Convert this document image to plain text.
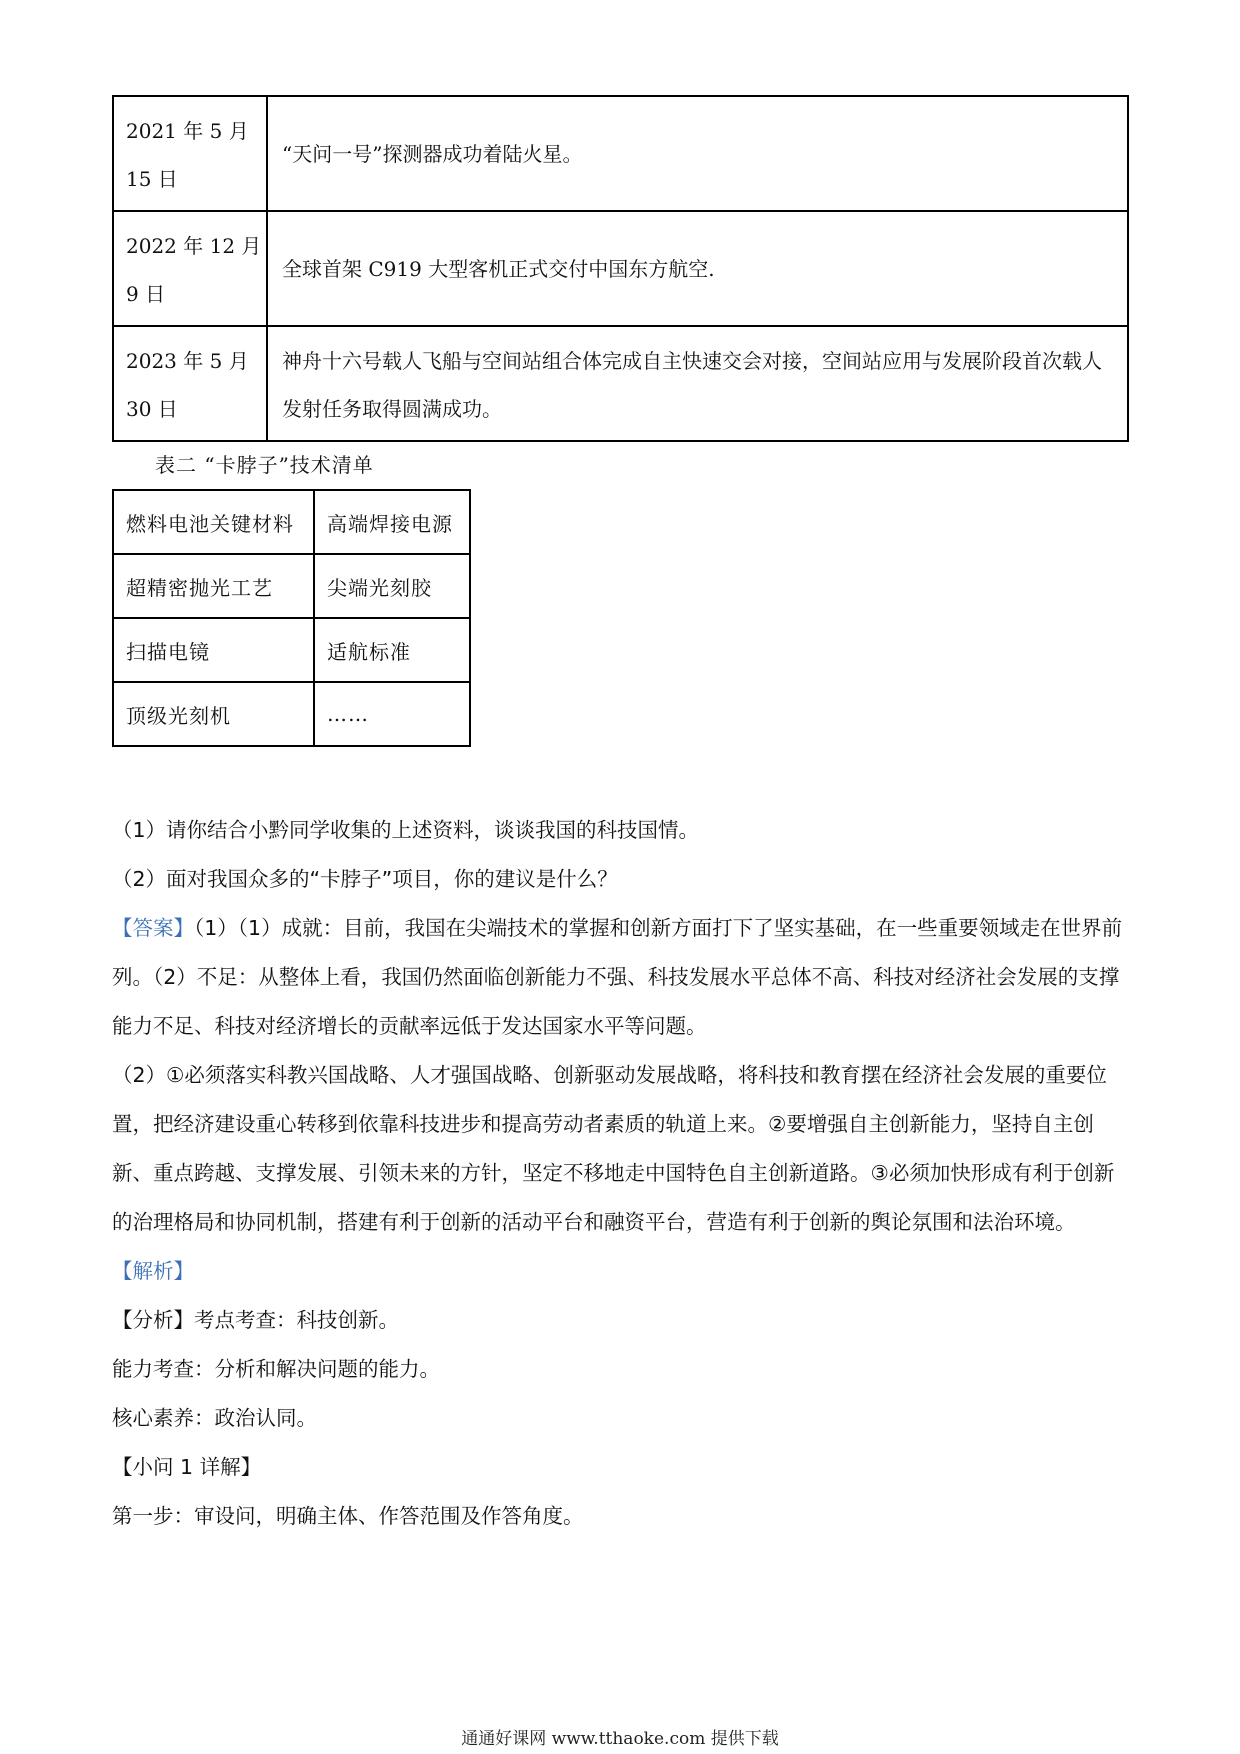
2021 年 5 月
15 日	“天问一号”探测器成功着陆火星。

2022 年 12 月
9 日	全球首架 C919 大型客机正式交付中国东方航空.

2023 年 5 月
30 日	神舟十六号载人飞船与空间站组合体完成自主快速交会对接，空间站应用与发展阶段首次载人发射任务取得圆满成功。
表二 “卡脖子”技术清单
燃料电池关键材料	高端焊接电源
超精密抛光工艺	尖端光刻胶
扫描电镜	适航标准
顶级光刻机	……

（1）请你结合小黔同学收集的上述资料，谈谈我国的科技国情。

（2）面对我国众多的“卡脖子”项目，你的建议是什么？

【答案】（1）（1）成就：目前，我国在尖端技术的掌握和创新方面打下了坚实基础，在一些重要领域走在世界前列。（2）不足：从整体上看，我国仍然面临创新能力不强、科技发展水平总体不高、科技对经济社会发展的支撑能力不足、科技对经济增长的贡献率远低于发达国家水平等问题。

（2）①必须落实科教兴国战略、人才强国战略、创新驱动发展战略，将科技和教育摆在经济社会发展的重要位置，把经济建设重心转移到依靠科技进步和提高劳动者素质的轨道上来。②要增强自主创新能力，坚持自主创新、重点跨越、支撑发展、引领未来的方针，坚定不移地走中国特色自主创新道路。③必须加快形成有利于创新的治理格局和协同机制，搭建有利于创新的活动平台和融资平台，营造有利于创新的舆论氛围和法治环境。

【解析】

【分析】考点考查：科技创新。

能力考查：分析和解决问题的能力。

核心素养：政治认同。

【小问 1 详解】

第一步：审设问，明确主体、作答范围及作答角度。

通通好课网 www.tthaoke.com 提供下载
